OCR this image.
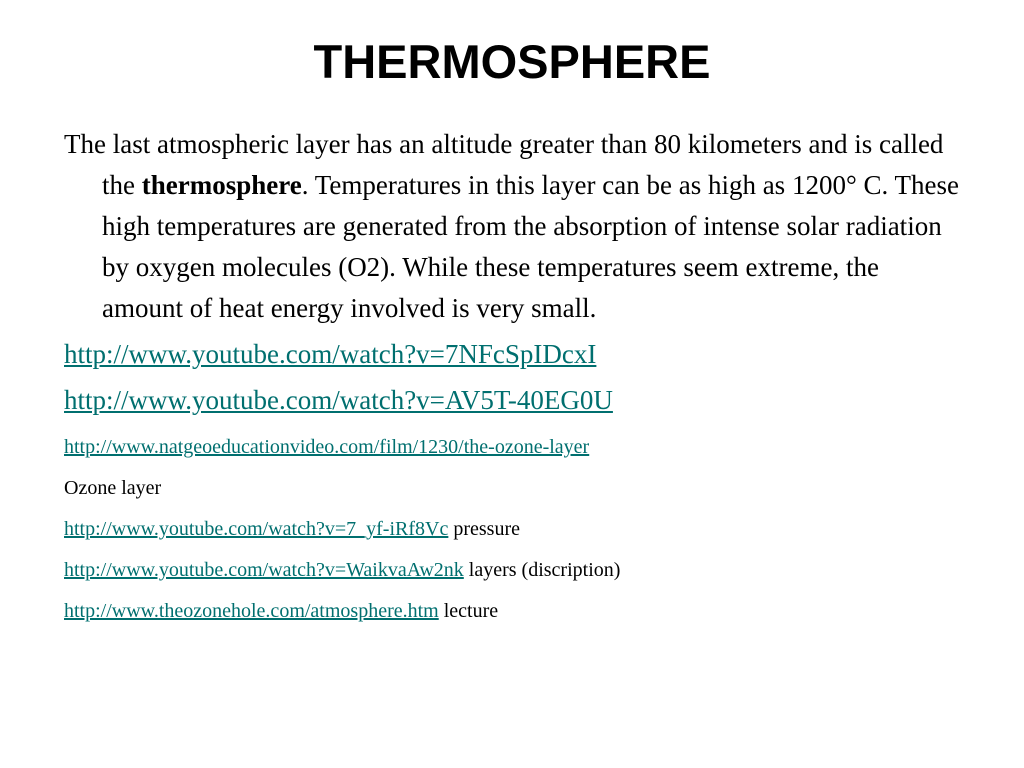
THERMOSPHERE

The last atmospheric layer has an altitude greater than 80 kilometers and is called the thermosphere. Temperatures in this layer can be as high as 1200° C. These high temperatures are generated from the absorption of intense solar radiation by oxygen molecules (O2). While these temperatures seem extreme, the amount of heat energy involved is very small.

http://www.youtube.com/watch?v=7NFcSpIDcxI

http://www.youtube.com/watch?v=AV5T-40EG0U

http://www.natgeoeducationvideo.com/film/1230/the-ozone-layer

Ozone layer

http://www.youtube.com/watch?v=7_yf-iRf8Vc pressure

http://www.youtube.com/watch?v=WaikvaAw2nk layers (discription)

http://www.theozonehole.com/atmosphere.htm lecture
